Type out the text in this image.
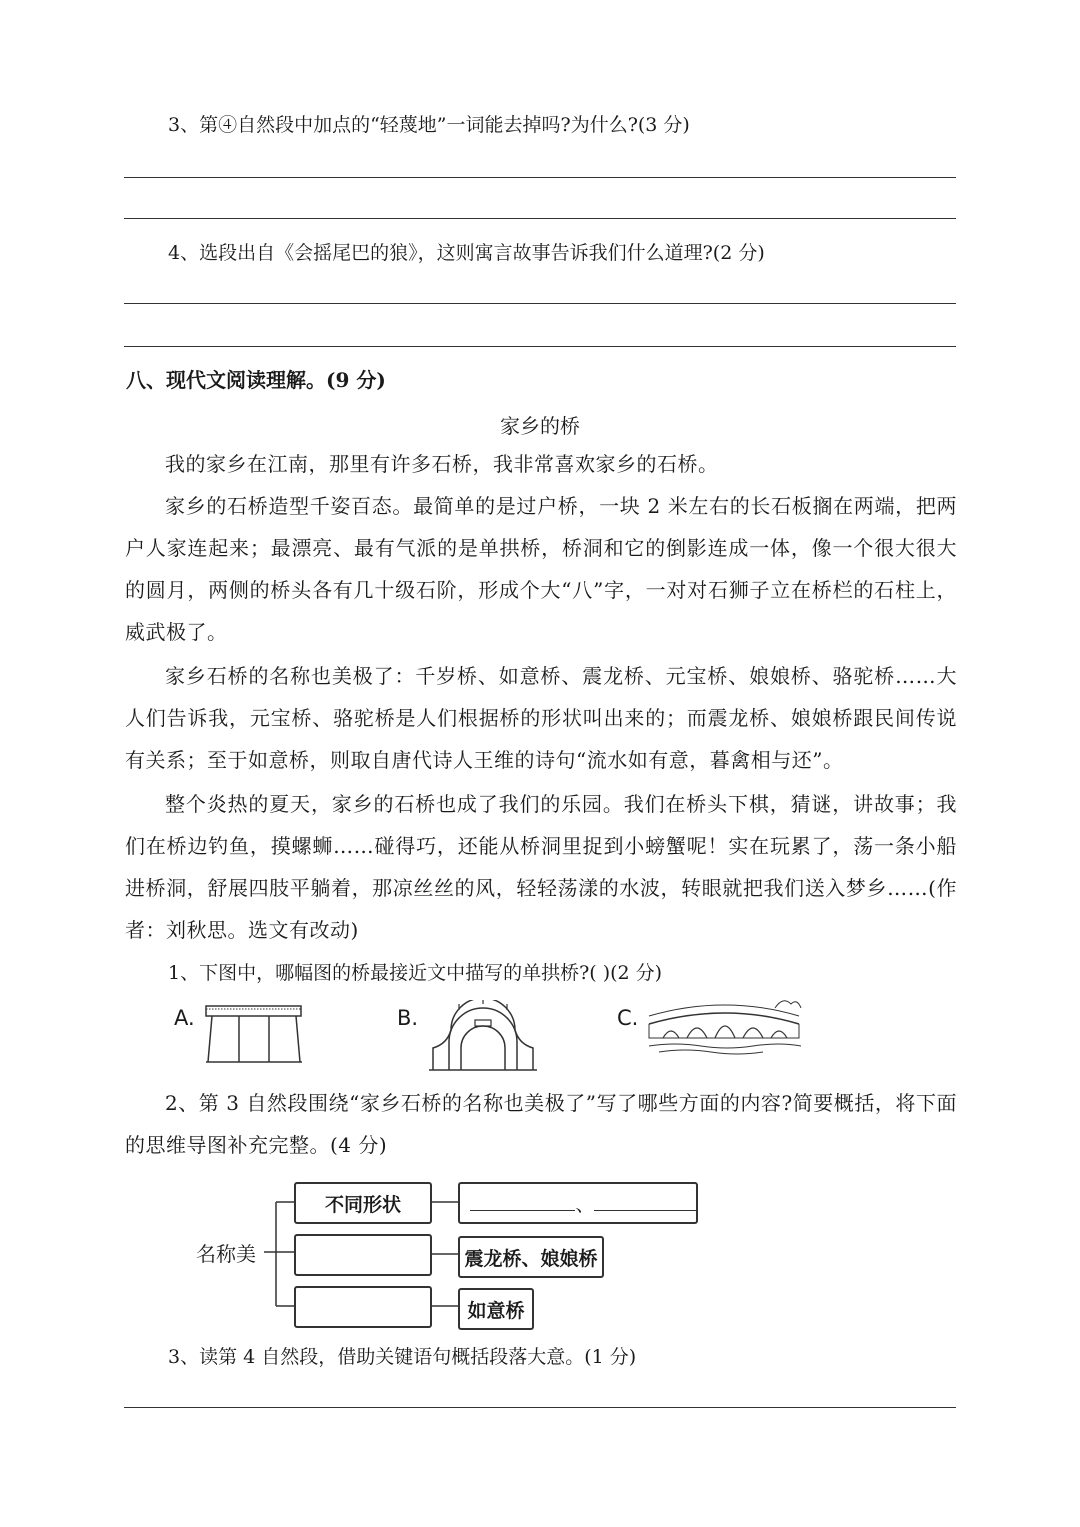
3、第④自然段中加点的“轻蔑地”一词能去掉吗?为什么?(3 分)
4、选段出自《会摇尾巴的狼》，这则寓言故事告诉我们什么道理?(2 分)
八、现代文阅读理解。(9 分)
家乡的桥
我的家乡在江南，那里有许多石桥，我非常喜欢家乡的石桥。
家乡的石桥造型千姿百态。最简单的是过户桥，一块 2 米左右的长石板搁在两端，把两户人家连起来；最漂亮、最有气派的是单拱桥，桥洞和它的倒影连成一体，像一个很大很大的圆月，两侧的桥头各有几十级石阶，形成个大“八”字，一对对石狮子立在桥栏的石柱上，威武极了。
家乡石桥的名称也美极了：千岁桥、如意桥、震龙桥、元宝桥、娘娘桥、骆驼桥……大人们告诉我，元宝桥、骆驼桥是人们根据桥的形状叫出来的；而震龙桥、娘娘桥跟民间传说有关系；至于如意桥，则取自唐代诗人王维的诗句“流水如有意，暮禽相与还”。
整个炎热的夏天，家乡的石桥也成了我们的乐园。我们在桥头下棋，猜谜，讲故事；我们在桥边钓鱼，摸螺蛳……碰得巧，还能从桥洞里捉到小螃蟹呢！实在玩累了，荡一条小船进桥洞，舒展四肢平躺着，那凉丝丝的风，轻轻荡漾的水波，转眼就把我们送入梦乡……(作者：刘秋思。选文有改动)
1、下图中，哪幅图的桥最接近文中描写的单拱桥?( )(2 分)
A.	B.	C.
2、第 3 自然段围绕“家乡石桥的名称也美极了”写了哪些方面的内容?简要概括，将下面的思维导图补充完整。(4 分)
名称美
不同形状	、
震龙桥、娘娘桥
如意桥
3、读第 4 自然段，借助关键语句概括段落大意。(1 分)
